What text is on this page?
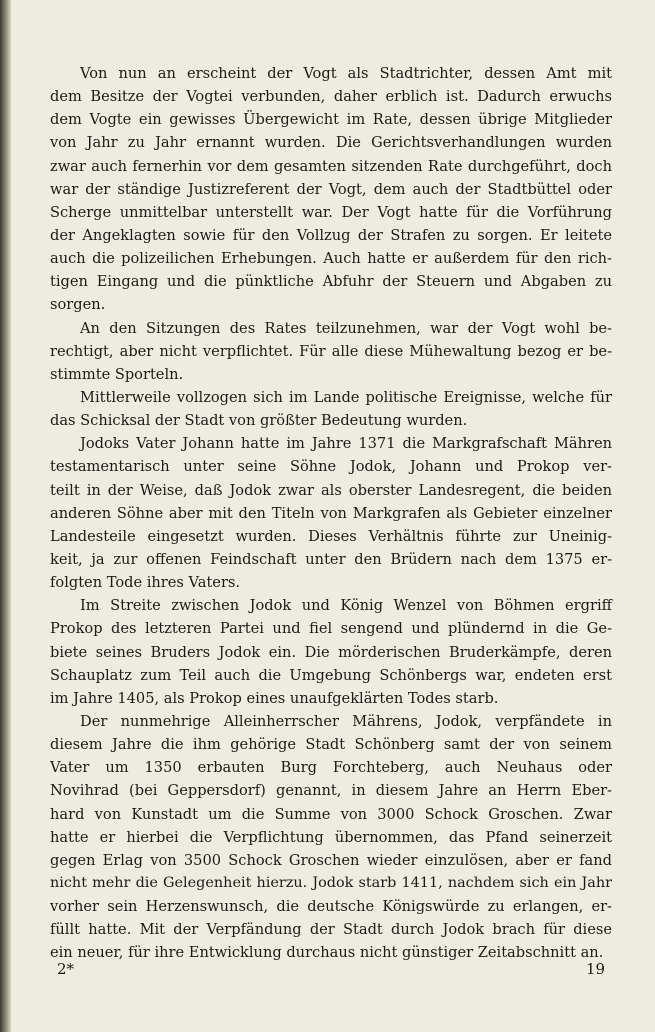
Von nun an erscheint der Vogt als Stadtrichter, dessen Amt mit
dem Besitze der Vogtei verbunden, daher erblich ist. Dadurch erwuchs
dem Vogte ein gewisses Übergewicht im Rate, dessen übrige Mitglieder
von Jahr zu Jahr ernannt wurden. Die Gerichtsverhandlungen wurden
zwar auch fernerhin vor dem gesamten sitzenden Rate durchgeführt, doch
war der ständige Justizreferent der Vogt, dem auch der Stadtbüttel oder
Scherge unmittelbar unterstellt war. Der Vogt hatte für die Vorführung
der Angeklagten sowie für den Vollzug der Strafen zu sorgen. Er leitete
auch die polizeilichen Erhebungen. Auch hatte er außerdem für den rich-
tigen Eingang und die pünktliche Abfuhr der Steuern und Abgaben zu
sorgen.
An den Sitzungen des Rates teilzunehmen, war der Vogt wohl be-
rechtigt, aber nicht verpflichtet. Für alle diese Mühewaltung bezog er be-
stimmte Sporteln.
Mittlerweile vollzogen sich im Lande politische Ereignisse, welche für
das Schicksal der Stadt von größter Bedeutung wurden.
Jodoks Vater Johann hatte im Jahre 1371 die Markgrafschaft Mähren
testamentarisch unter seine Söhne Jodok, Johann und Prokop ver-
teilt in der Weise, daß Jodok zwar als oberster Landesregent, die beiden
anderen Söhne aber mit den Titeln von Markgrafen als Gebieter einzelner
Landesteile eingesetzt wurden. Dieses Verhältnis führte zur Uneinig-
keit, ja zur offenen Feindschaft unter den Brüdern nach dem 1375 er-
folgten Tode ihres Vaters.
Im Streite zwischen Jodok und König Wenzel von Böhmen ergriff
Prokop des letzteren Partei und fiel sengend und plündernd in die Ge-
biete seines Bruders Jodok ein. Die mörderischen Bruderkämpfe, deren
Schauplatz zum Teil auch die Umgebung Schönbergs war, endeten erst
im Jahre 1405, als Prokop eines unaufgeklärten Todes starb.
Der nunmehrige Alleinherrscher Mährens, Jodok, verpfändete in
diesem Jahre die ihm gehörige Stadt Schönberg samt der von seinem
Vater um 1350 erbauten Burg Forchteberg, auch Neuhaus oder
Novihrad (bei Geppersdorf) genannt, in diesem Jahre an Herrn Eber-
hard von Kunstadt um die Summe von 3000 Schock Groschen. Zwar
hatte er hierbei die Verpflichtung übernommen, das Pfand seinerzeit
gegen Erlag von 3500 Schock Groschen wieder einzulösen, aber er fand
nicht mehr die Gelegenheit hierzu. Jodok starb 1411, nachdem sich ein Jahr
vorher sein Herzenswunsch, die deutsche Königswürde zu erlangen, er-
füllt hatte. Mit der Verpfändung der Stadt durch Jodok brach für diese
ein neuer, für ihre Entwicklung durchaus nicht günstiger Zeitabschnitt an.
2*	19
